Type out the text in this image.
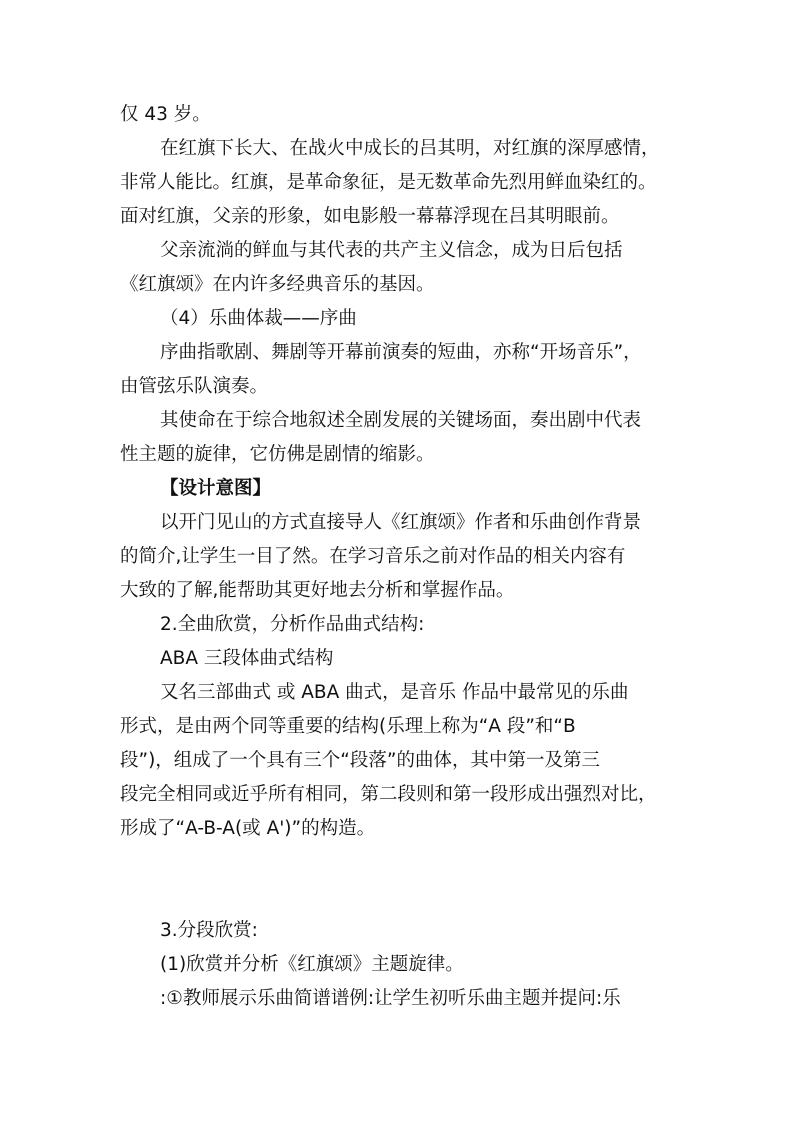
仅 43 岁。
在红旗下长大、在战火中成长的吕其明，对红旗的深厚感情，
非常人能比。红旗，是革命象征，是无数革命先烈用鲜血染红的。
面对红旗，父亲的形象，如电影般一幕幕浮现在吕其明眼前。
父亲流淌的鲜血与其代表的共产主义信念，成为日后包括
《红旗颂》在内许多经典音乐的基因。
（4）乐曲体裁——序曲
序曲指歌剧、舞剧等开幕前演奏的短曲，亦称“开场音乐”，
由管弦乐队演奏。
其使命在于综合地叙述全剧发展的关键场面，奏出剧中代表
性主题的旋律，它仿佛是剧情的缩影。
【设计意图】
以开门见山的方式直接导人《红旗颂》作者和乐曲创作背景
的简介,让学生一目了然。在学习音乐之前对作品的相关内容有
大致的了解,能帮助其更好地去分析和掌握作品。
2.全曲欣赏，分析作品曲式结构:
ABA 三段体曲式结构
又名三部曲式 或 ABA 曲式，是音乐 作品中最常见的乐曲
形式，是由两个同等重要的结构(乐理上称为“A 段”和“B
段”)，组成了一个具有三个“段落”的曲体，其中第一及第三
段完全相同或近乎所有相同，第二段则和第一段形成出强烈对比，
形成了“A-B-A(或 A')”的构造。
3.分段欣赏:
(1)欣赏并分析《红旗颂》主题旋律。
:①教师展示乐曲简谱谱例:让学生初听乐曲主题并提问:乐
